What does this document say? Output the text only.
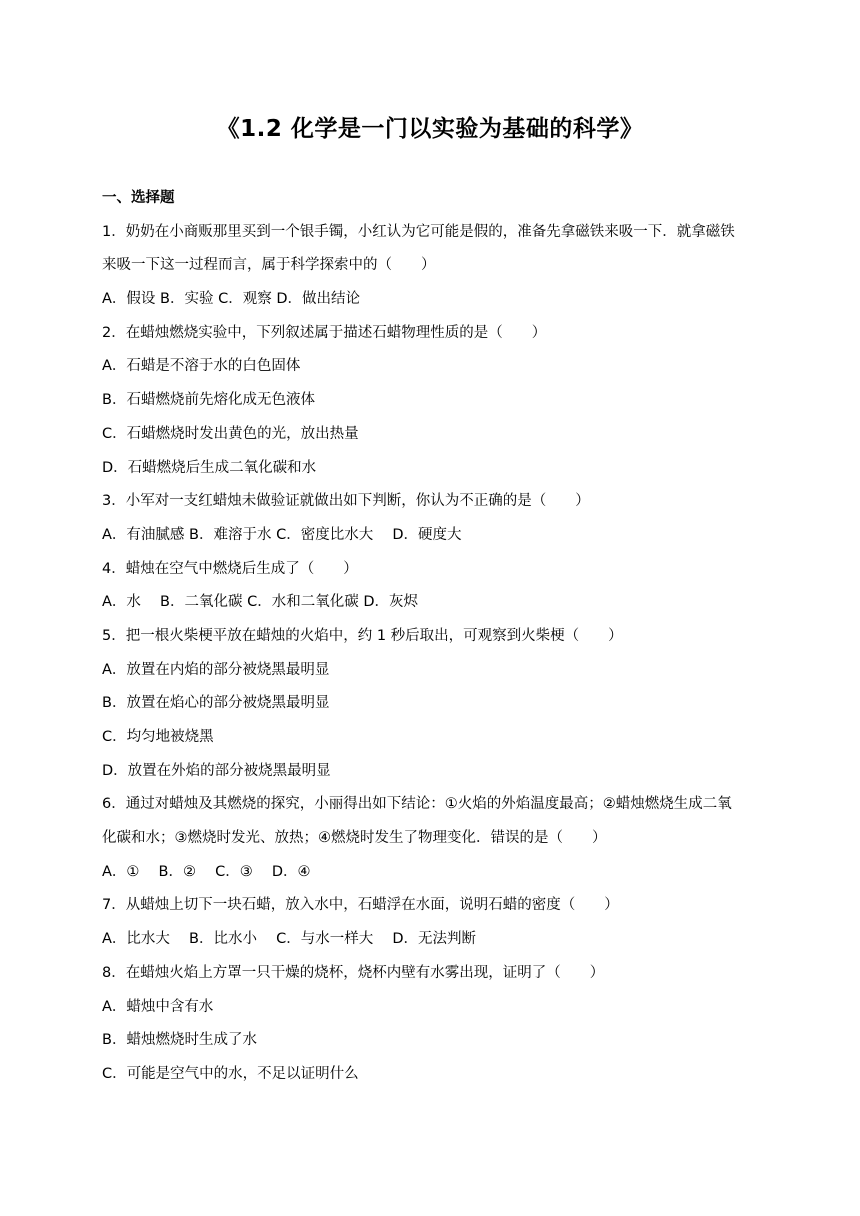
《1.2 化学是一门以实验为基础的科学》
一、选择题
1．奶奶在小商贩那里买到一个银手镯，小红认为它可能是假的，准备先拿磁铁来吸一下．就拿磁铁
来吸一下这一过程而言，属于科学探索中的（　　）
A．假设 B．实验 C．观察 D．做出结论
2．在蜡烛燃烧实验中，下列叙述属于描述石蜡物理性质的是（　　）
A．石蜡是不溶于水的白色固体
B．石蜡燃烧前先熔化成无色液体
C．石蜡燃烧时发出黄色的光，放出热量
D．石蜡燃烧后生成二氧化碳和水
3．小军对一支红蜡烛未做验证就做出如下判断，你认为不正确的是（　　）
A．有油腻感 B．难溶于水 C．密度比水大　 D．硬度大
4．蜡烛在空气中燃烧后生成了（　　）
A．水　 B．二氧化碳 C．水和二氧化碳 D．灰烬
5．把一根火柴梗平放在蜡烛的火焰中，约 1 秒后取出，可观察到火柴梗（　　）
A．放置在内焰的部分被烧黑最明显
B．放置在焰心的部分被烧黑最明显
C．均匀地被烧黑
D．放置在外焰的部分被烧黑最明显
6．通过对蜡烛及其燃烧的探究，小丽得出如下结论：①火焰的外焰温度最高；②蜡烛燃烧生成二氧
化碳和水；③燃烧时发光、放热；④燃烧时发生了物理变化．错误的是（　　）
A．①　 B．②　 C．③　 D．④
7．从蜡烛上切下一块石蜡，放入水中，石蜡浮在水面，说明石蜡的密度（　　）
A．比水大　 B．比水小　 C．与水一样大　 D．无法判断
8．在蜡烛火焰上方罩一只干燥的烧杯，烧杯内壁有水雾出现，证明了（　　）
A．蜡烛中含有水
B．蜡烛燃烧时生成了水
C．可能是空气中的水，不足以证明什么
